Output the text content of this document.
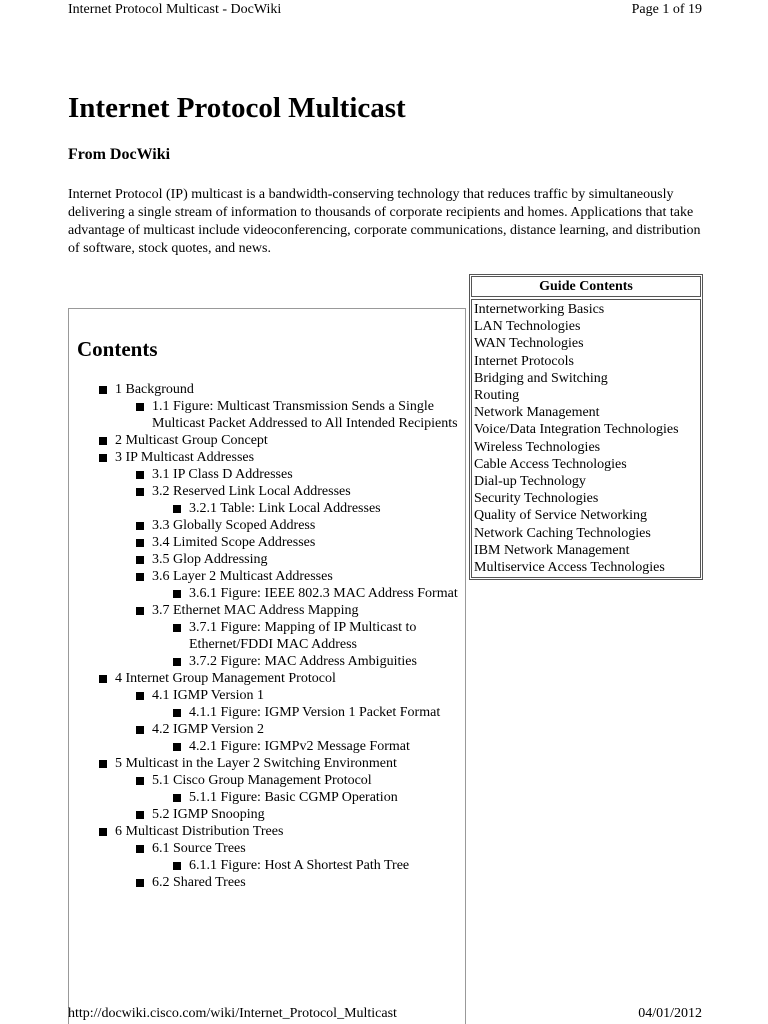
Internet Protocol Multicast - DocWiki	Page 1 of 19
Internet Protocol Multicast
From DocWiki

Internet Protocol (IP) multicast is a bandwidth-conserving technology that reduces traffic by simultaneously delivering a single stream of information to thousands of corporate recipients and homes. Applications that take advantage of multicast include videoconferencing, corporate communications, distance learning, and distribution of software, stock quotes, and news.

Guide Contents
Internetworking Basics
LAN Technologies
WAN Technologies
Internet Protocols
Bridging and Switching
Routing
Network Management
Voice/Data Integration Technologies
Wireless Technologies
Cable Access Technologies
Dial-up Technology
Security Technologies
Quality of Service Networking
Network Caching Technologies
IBM Network Management
Multiservice Access Technologies
Contents
1 Background
1.1 Figure: Multicast Transmission Sends a Single Multicast Packet Addressed to All Intended Recipients
2 Multicast Group Concept
3 IP Multicast Addresses
3.1 IP Class D Addresses
3.2 Reserved Link Local Addresses
3.2.1 Table: Link Local Addresses
3.3 Globally Scoped Address
3.4 Limited Scope Addresses
3.5 Glop Addressing
3.6 Layer 2 Multicast Addresses
3.6.1 Figure: IEEE 802.3 MAC Address Format
3.7 Ethernet MAC Address Mapping
3.7.1 Figure: Mapping of IP Multicast to Ethernet/FDDI MAC Address
3.7.2 Figure: MAC Address Ambiguities
4 Internet Group Management Protocol
4.1 IGMP Version 1
4.1.1 Figure: IGMP Version 1 Packet Format
4.2 IGMP Version 2
4.2.1 Figure: IGMPv2 Message Format
5 Multicast in the Layer 2 Switching Environment
5.1 Cisco Group Management Protocol
5.1.1 Figure: Basic CGMP Operation
5.2 IGMP Snooping
6 Multicast Distribution Trees
6.1 Source Trees
6.1.1 Figure: Host A Shortest Path Tree
6.2 Shared Trees
http://docwiki.cisco.com/wiki/Internet_Protocol_Multicast	04/01/2012
